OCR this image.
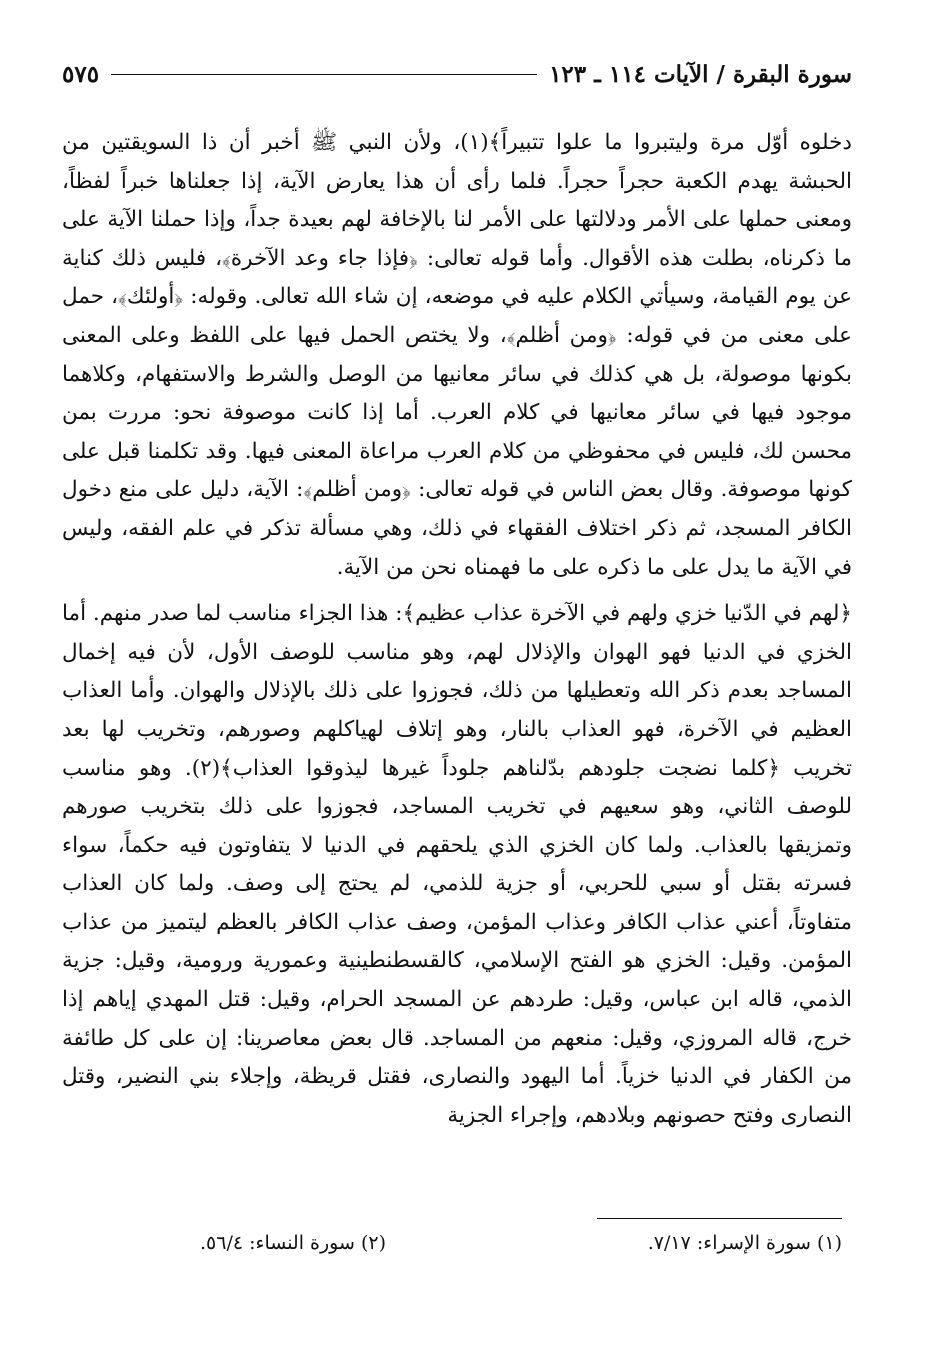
سورة البقرة / الآيات ١١٤ ـ ١٢٣
٥٧٥

دخلوه أوّل مرة وليتبروا ما علوا تتبيراً﴾(١)، ولأن النبي ﷺ أخبر أن ذا السويقتين من الحبشة يهدم الكعبة حجراً حجراً. فلما رأى أن هذا يعارض الآية، إذا جعلناها خبراً لفظاً، ومعنى حملها على الأمر ودلالتها على الأمر لنا بالإخافة لهم بعيدة جداً، وإذا حملنا الآية على ما ذكرناه، بطلت هذه الأقوال. وأما قوله تعالى: ﴿فإذا جاء وعد الآخرة﴾، فليس ذلك كناية عن يوم القيامة، وسيأتي الكلام عليه في موضعه، إن شاء الله تعالى. وقوله: ﴿أولئك﴾، حمل على معنى من في قوله: ﴿ومن أظلم﴾، ولا يختص الحمل فيها على اللفظ وعلى المعنى بكونها موصولة، بل هي كذلك في سائر معانيها من الوصل والشرط والاستفهام، وكلاهما موجود فيها في سائر معانيها في كلام العرب. أما إذا كانت موصوفة نحو: مررت بمن محسن لك، فليس في محفوظي من كلام العرب مراعاة المعنى فيها. وقد تكلمنا قبل على كونها موصوفة. وقال بعض الناس في قوله تعالى: ﴿ومن أظلم﴾: الآية، دليل على منع دخول الكافر المسجد، ثم ذكر اختلاف الفقهاء في ذلك، وهي مسألة تذكر في علم الفقه، وليس في الآية ما يدل على ما ذكره على ما فهمناه نحن من الآية.

﴿لهم في الدّنيا خزي ولهم في الآخرة عذاب عظيم﴾: هذا الجزاء مناسب لما صدر منهم. أما الخزي في الدنيا فهو الهوان والإذلال لهم، وهو مناسب للوصف الأول، لأن فيه إخمال المساجد بعدم ذكر الله وتعطيلها من ذلك، فجوزوا على ذلك بالإذلال والهوان. وأما العذاب العظيم في الآخرة، فهو العذاب بالنار، وهو إتلاف لهياكلهم وصورهم، وتخريب لها بعد تخريب ﴿كلما نضجت جلودهم بدّلناهم جلوداً غيرها ليذوقوا العذاب﴾(٢). وهو مناسب للوصف الثاني، وهو سعيهم في تخريب المساجد، فجوزوا على ذلك بتخريب صورهم وتمزيقها بالعذاب. ولما كان الخزي الذي يلحقهم في الدنيا لا يتفاوتون فيه حكماً، سواء فسرته بقتل أو سبي للحربي، أو جزية للذمي، لم يحتج إلى وصف. ولما كان العذاب متفاوتاً، أعني عذاب الكافر وعذاب المؤمن، وصف عذاب الكافر بالعظم ليتميز من عذاب المؤمن. وقيل: الخزي هو الفتح الإسلامي، كالقسطنطينية وعمورية ورومية، وقيل: جزية الذمي، قاله ابن عباس، وقيل: طردهم عن المسجد الحرام، وقيل: قتل المهدي إياهم إذا خرج، قاله المروزي، وقيل: منعهم من المساجد. قال بعض معاصرينا: إن على كل طائفة من الكفار في الدنيا خزياً. أما اليهود والنصارى، فقتل قريظة، وإجلاء بني النضير، وقتل النصارى وفتح حصونهم وبلادهم، وإجراء الجزية

(١) سورة الإسراء: ٧/١٧.
(٢) سورة النساء: ٥٦/٤.
